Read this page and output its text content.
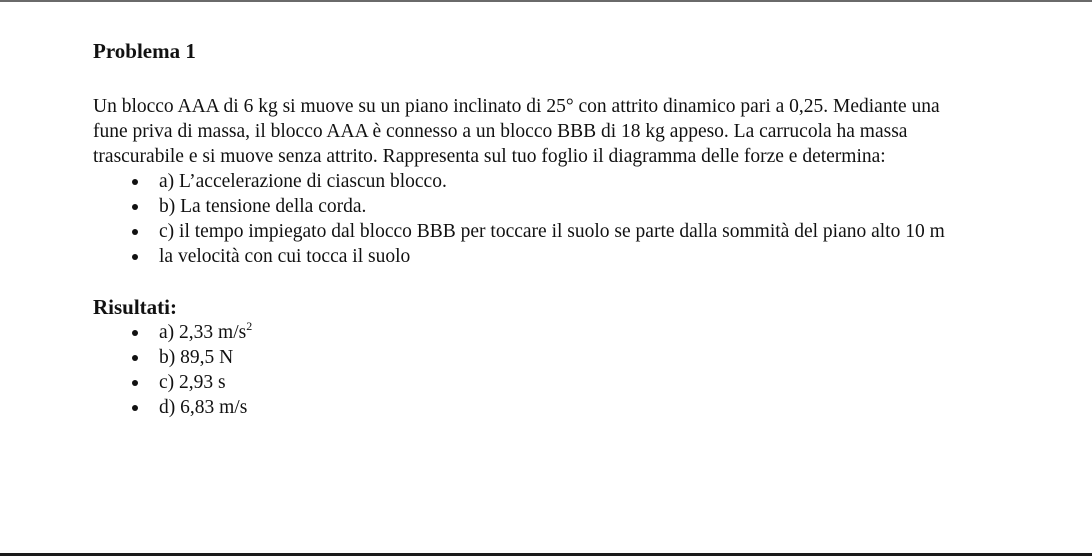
Problema 1

Un blocco AAA di 6 kg si muove su un piano inclinato di 25° con attrito dinamico pari a 0,25. Mediante una fune priva di massa, il blocco AAA è connesso a un blocco BBB di 18 kg appeso. La carrucola ha massa trascurabile e si muove senza attrito. Rappresenta sul tuo foglio il diagramma delle forze e determina:

a) L’accelerazione di ciascun blocco.
b) La tensione della corda.
c) il tempo impiegato dal blocco BBB per toccare il suolo se parte dalla sommità del piano alto 10 m
la velocità con cui tocca il suolo

Risultati:

a) 2,33 $m/s^2$
b) 89,5 N
c) 2,93 s
d) 6,83 m/s
